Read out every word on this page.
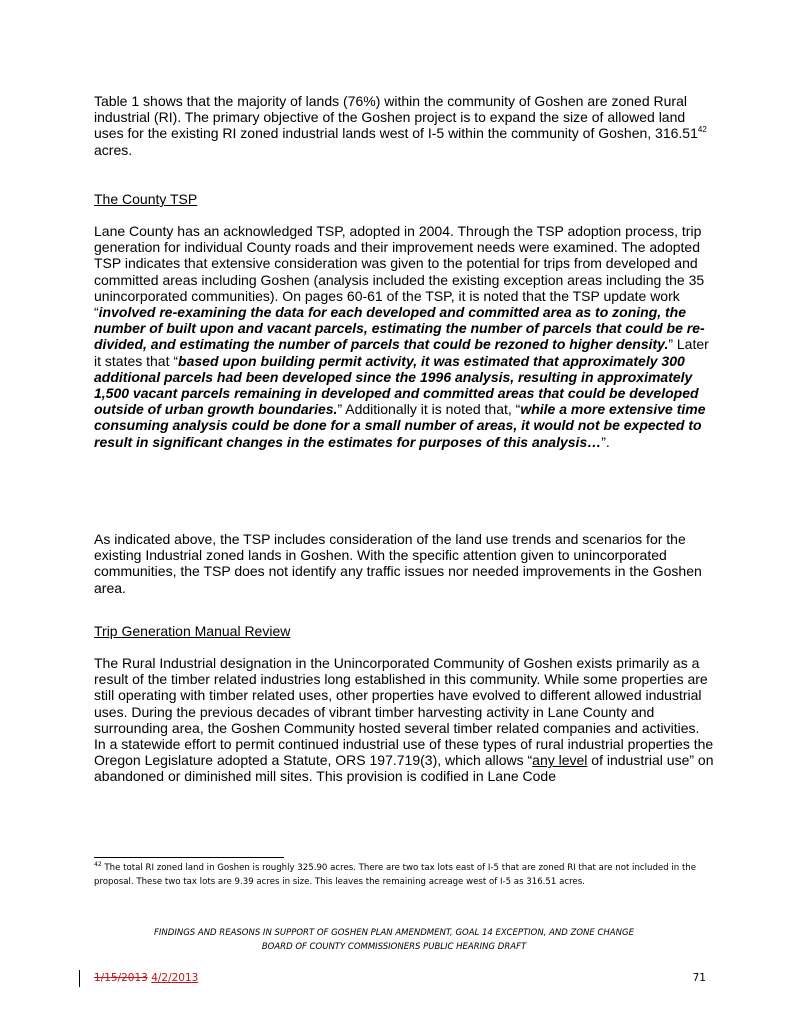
Table 1 shows that the majority of lands (76%) within the community of Goshen are zoned Rural industrial (RI). The primary objective of the Goshen project is to expand the size of allowed land uses for the existing RI zoned industrial lands west of I-5 within the community of Goshen, 316.51$^{42}$ acres.

The County TSP

Lane County has an acknowledged TSP, adopted in 2004. Through the TSP adoption process, trip generation for individual County roads and their improvement needs were examined. The adopted TSP indicates that extensive consideration was given to the potential for trips from developed and committed areas including Goshen (analysis included the existing exception areas including the 35 unincorporated communities). On pages 60-61 of the TSP, it is noted that the TSP update work “involved re-examining the data for each developed and committed area as to zoning, the number of built upon and vacant parcels, estimating the number of parcels that could be re-divided, and estimating the number of parcels that could be rezoned to higher density.” Later it states that “based upon building permit activity, it was estimated that approximately 300 additional parcels had been developed since the 1996 analysis, resulting in approximately 1,500 vacant parcels remaining in developed and committed areas that could be developed outside of urban growth boundaries.” Additionally it is noted that, “while a more extensive time consuming analysis could be done for a small number of areas, it would not be expected to result in significant changes in the estimates for purposes of this analysis…”.

As indicated above, the TSP includes consideration of the land use trends and scenarios for the existing Industrial zoned lands in Goshen. With the specific attention given to unincorporated communities, the TSP does not identify any traffic issues nor needed improvements in the Goshen area.
Trip Generation Manual Review

The Rural Industrial designation in the Unincorporated Community of Goshen exists primarily as a result of the timber related industries long established in this community. While some properties are still operating with timber related uses, other properties have evolved to different allowed industrial uses. During the previous decades of vibrant timber harvesting activity in Lane County and surrounding area, the Goshen Community hosted several timber related companies and activities. In a statewide effort to permit continued industrial use of these types of rural industrial properties the Oregon Legislature adopted a Statute, ORS 197.719(3), which allows “any level of industrial use” on abandoned or diminished mill sites. This provision is codified in Lane Code

$^{42}$ The total RI zoned land in Goshen is roughly 325.90 acres. There are two tax lots east of I-5 that are zoned RI that are not included in the proposal. These two tax lots are 9.39 acres in size. This leaves the remaining acreage west of I-5 as 316.51 acres.
FINDINGS AND REASONS IN SUPPORT OF GOSHEN PLAN AMENDMENT, GOAL 14 EXCEPTION, AND ZONE CHANGE
BOARD OF COUNTY COMMISSIONERS PUBLIC HEARING DRAFT
1/15/2013 4/2/2013	71
